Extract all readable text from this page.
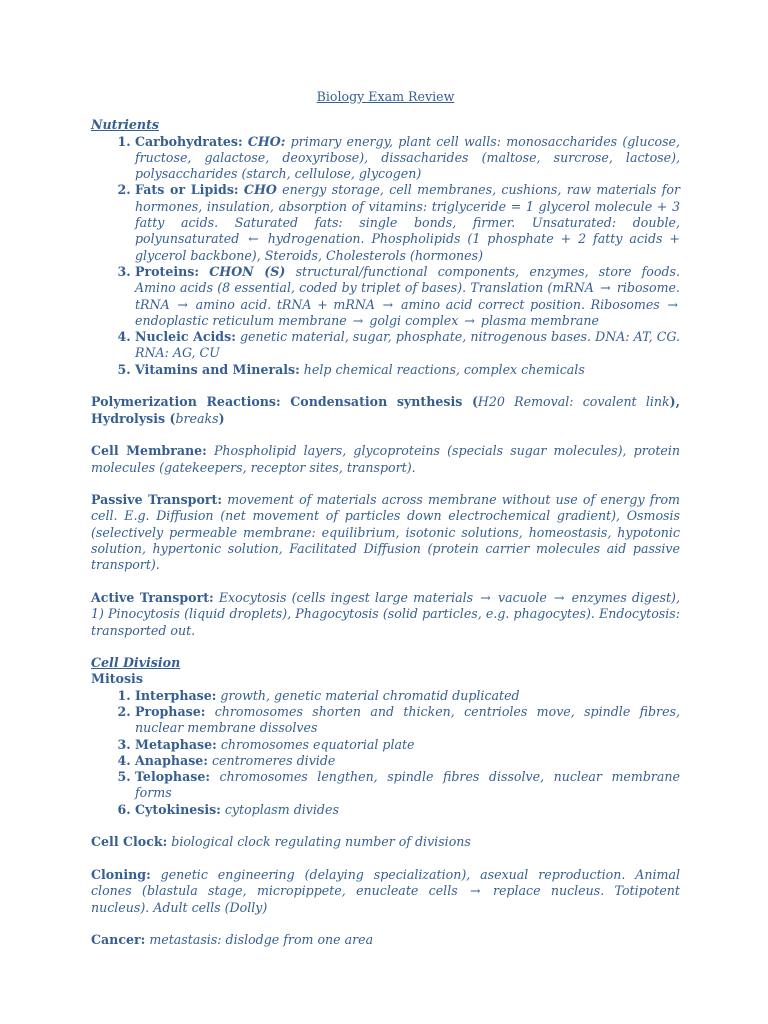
Biology Exam Review
Nutrients
1. Carbohydrates: CHO: primary energy, plant cell walls: monosaccharides (glucose, fructose, galactose, deoxyribose), dissacharides (maltose, surcrose, lactose), polysaccharides (starch, cellulose, glycogen)
2. Fats or Lipids: CHO energy storage, cell membranes, cushions, raw materials for hormones, insulation, absorption of vitamins: triglyceride = 1 glycerol molecule + 3 fatty acids. Saturated fats: single bonds, firmer. Unsaturated: double, polyunsaturated ← hydrogenation. Phospholipids (1 phosphate + 2 fatty acids + glycerol backbone), Steroids, Cholesterols (hormones)
3. Proteins: CHON (S) structural/functional components, enzymes, store foods. Amino acids (8 essential, coded by triplet of bases). Translation (mRNA → ribosome. tRNA → amino acid. tRNA + mRNA → amino acid correct position. Ribosomes → endoplastic reticulum membrane → golgi complex → plasma membrane
4. Nucleic Acids: genetic material, sugar, phosphate, nitrogenous bases. DNA: AT, CG. RNA: AG, CU
5. Vitamins and Minerals: help chemical reactions, complex chemicals

Polymerization Reactions: Condensation synthesis (H20 Removal: covalent link), Hydrolysis (breaks)

Cell Membrane: Phospholipid layers, glycoproteins (specials sugar molecules), protein molecules (gatekeepers, receptor sites, transport).

Passive Transport: movement of materials across membrane without use of energy from cell. E.g. Diffusion (net movement of particles down electrochemical gradient), Osmosis (selectively permeable membrane: equilibrium, isotonic solutions, homeostasis, hypotonic solution, hypertonic solution, Facilitated Diffusion (protein carrier molecules aid passive transport).

Active Transport: Exocytosis (cells ingest large materials → vacuole → enzymes digest), 1) Pinocytosis (liquid droplets), Phagocytosis (solid particles, e.g. phagocytes). Endocytosis: transported out.

Cell Division
Mitosis
1. Interphase: growth, genetic material chromatid duplicated
2. Prophase: chromosomes shorten and thicken, centrioles move, spindle fibres, nuclear membrane dissolves
3. Metaphase: chromosomes equatorial plate
4. Anaphase: centromeres divide
5. Telophase: chromosomes lengthen, spindle fibres dissolve, nuclear membrane forms
6. Cytokinesis: cytoplasm divides

Cell Clock: biological clock regulating number of divisions

Cloning: genetic engineering (delaying specialization), asexual reproduction. Animal clones (blastula stage, micropippete, enucleate cells → replace nucleus. Totipotent nucleus). Adult cells (Dolly)

Cancer: metastasis: dislodge from one area
